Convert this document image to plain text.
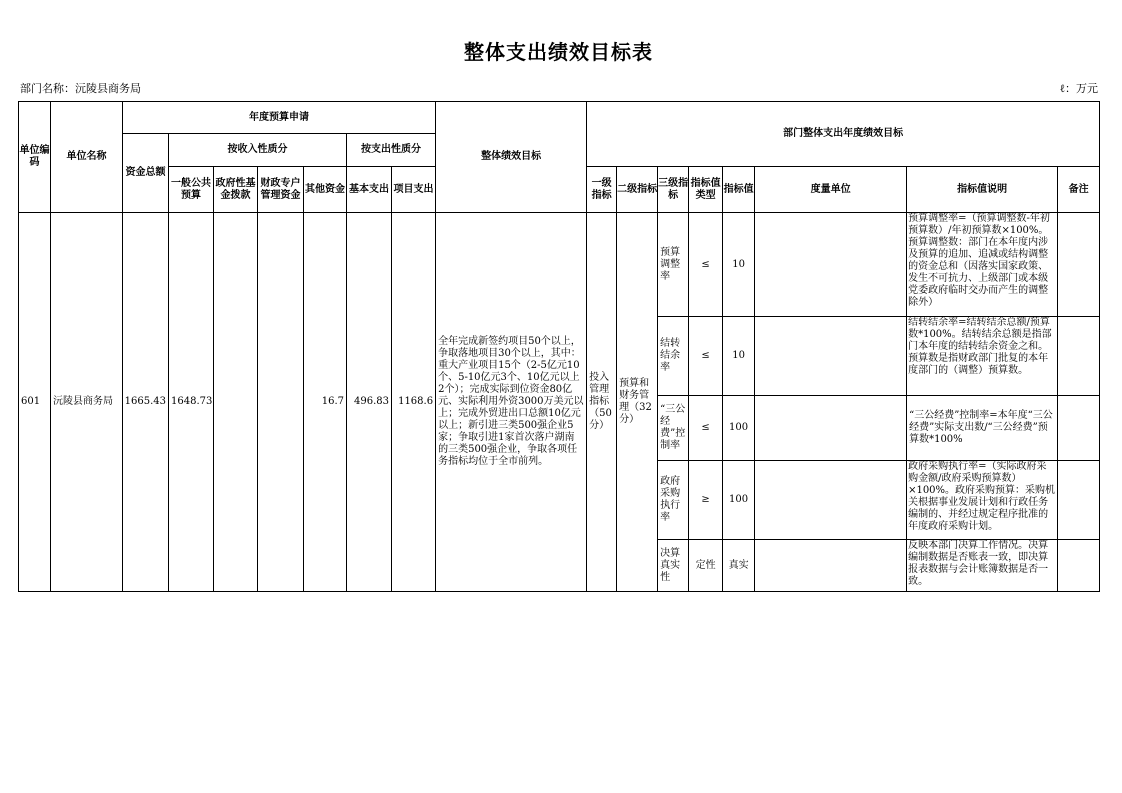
整体支出绩效目标表
部门名称：沅陵县商务局	ℓ：万元
单位编码	单位名称	年度预算申请							整体绩效目标	部门整体支出年度绩效目标							
		资金总额	按收入性质分				按支出性质分										
			一般公共预算	政府性基金拨款	财政专户管理资金	其他资金	基本支出	项目支出		一级指标	二级指标	三级指标	指标值类型	指标值	度量单位	指标值说明	备注
601	沅陵县商务局	1665.43	1648.73			16.7	496.83	1168.6	全年完成新签约项目50个以上，争取落地项目30个以上，其中：重大产业项目15个（2-5亿元10个、5-10亿元3个、10亿元以上2个）；完成实际到位资金80亿元、实际利用外资3000万美元以上；完成外贸进出口总额10亿元以上；新引进三类500强企业5家；争取引进1家首次落户湖南的三类500强企业，争取各项任务指标均位于全市前列。	投入管理指标（50分）	预算和财务管理（32分）	预算调整率	≤	10		预算调整率=（预算调整数-年初预算数）/年初预算数×100%。预算调整数：部门在本年度内涉及预算的追加、追减或结构调整的资金总和（因落实国家政策、发生不可抗力、上级部门或本级党委政府临时交办而产生的调整除外）	

												结转结余率	≤	10		结转结余率=结转结余总额/预算数*100%。结转结余总额是指部门本年度的结转结余资金之和。预算数是指财政部门批复的本年度部门的（调整）预算数。	

												“三公经费”控制率	≤	100		“三公经费”控制率=本年度“三公经费”实际支出数/“三公经费”预算数*100%	
												政府采购执行率	≥	100		政府采购执行率=（实际政府采购金额/政府采购预算数）×100%。政府采购预算：采购机关根据事业发展计划和行政任务编制的、并经过规定程序批准的年度政府采购计划。	

												决算真实性	定性	真实		反映本部门决算工作情况。决算编制数据是否账表一致，即决算报表数据与会计账簿数据是否一致。	
